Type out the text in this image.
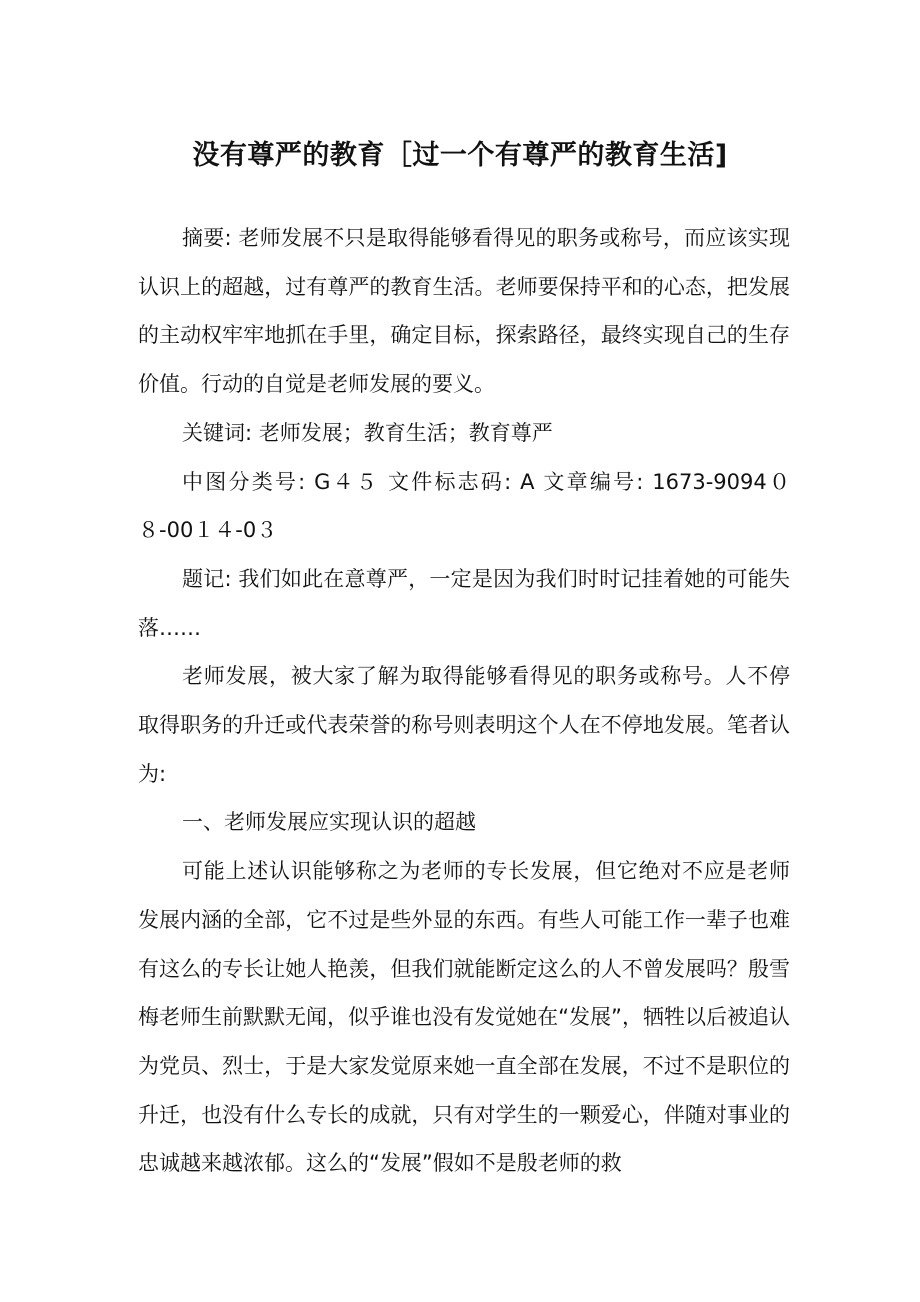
没有尊严的教育［过一个有尊严的教育生活]

摘要: 老师发展不只是取得能够看得见的职务或称号，而应该实现认识上的超越，过有尊严的教育生活。老师要保持平和的心态，把发展的主动权牢牢地抓在手里，确定目标，探索路径，最终实现自己的生存价值。行动的自觉是老师发展的要义。

关键词: 老师发展；教育生活；教育尊严

中图分类号: G４５ 文件标志码: A 文章编号: 1673-9094０８-00１４-0３

题记: 我们如此在意尊严，一定是因为我们时时记挂着她的可能失落……

老师发展，被大家了解为取得能够看得见的职务或称号。人不停取得职务的升迁或代表荣誉的称号则表明这个人在不停地发展。笔者认为:

一、老师发展应实现认识的超越

可能上述认识能够称之为老师的专长发展，但它绝对不应是老师发展内涵的全部，它不过是些外显的东西。有些人可能工作一辈子也难有这么的专长让她人艳羡，但我们就能断定这么的人不曾发展吗？殷雪梅老师生前默默无闻，似乎谁也没有发觉她在“发展”，牺牲以后被追认为党员、烈士，于是大家发觉原来她一直全部在发展，不过不是职位的升迁，也没有什么专长的成就，只有对学生的一颗爱心，伴随对事业的忠诚越来越浓郁。这么的“发展”假如不是殷老师的救
